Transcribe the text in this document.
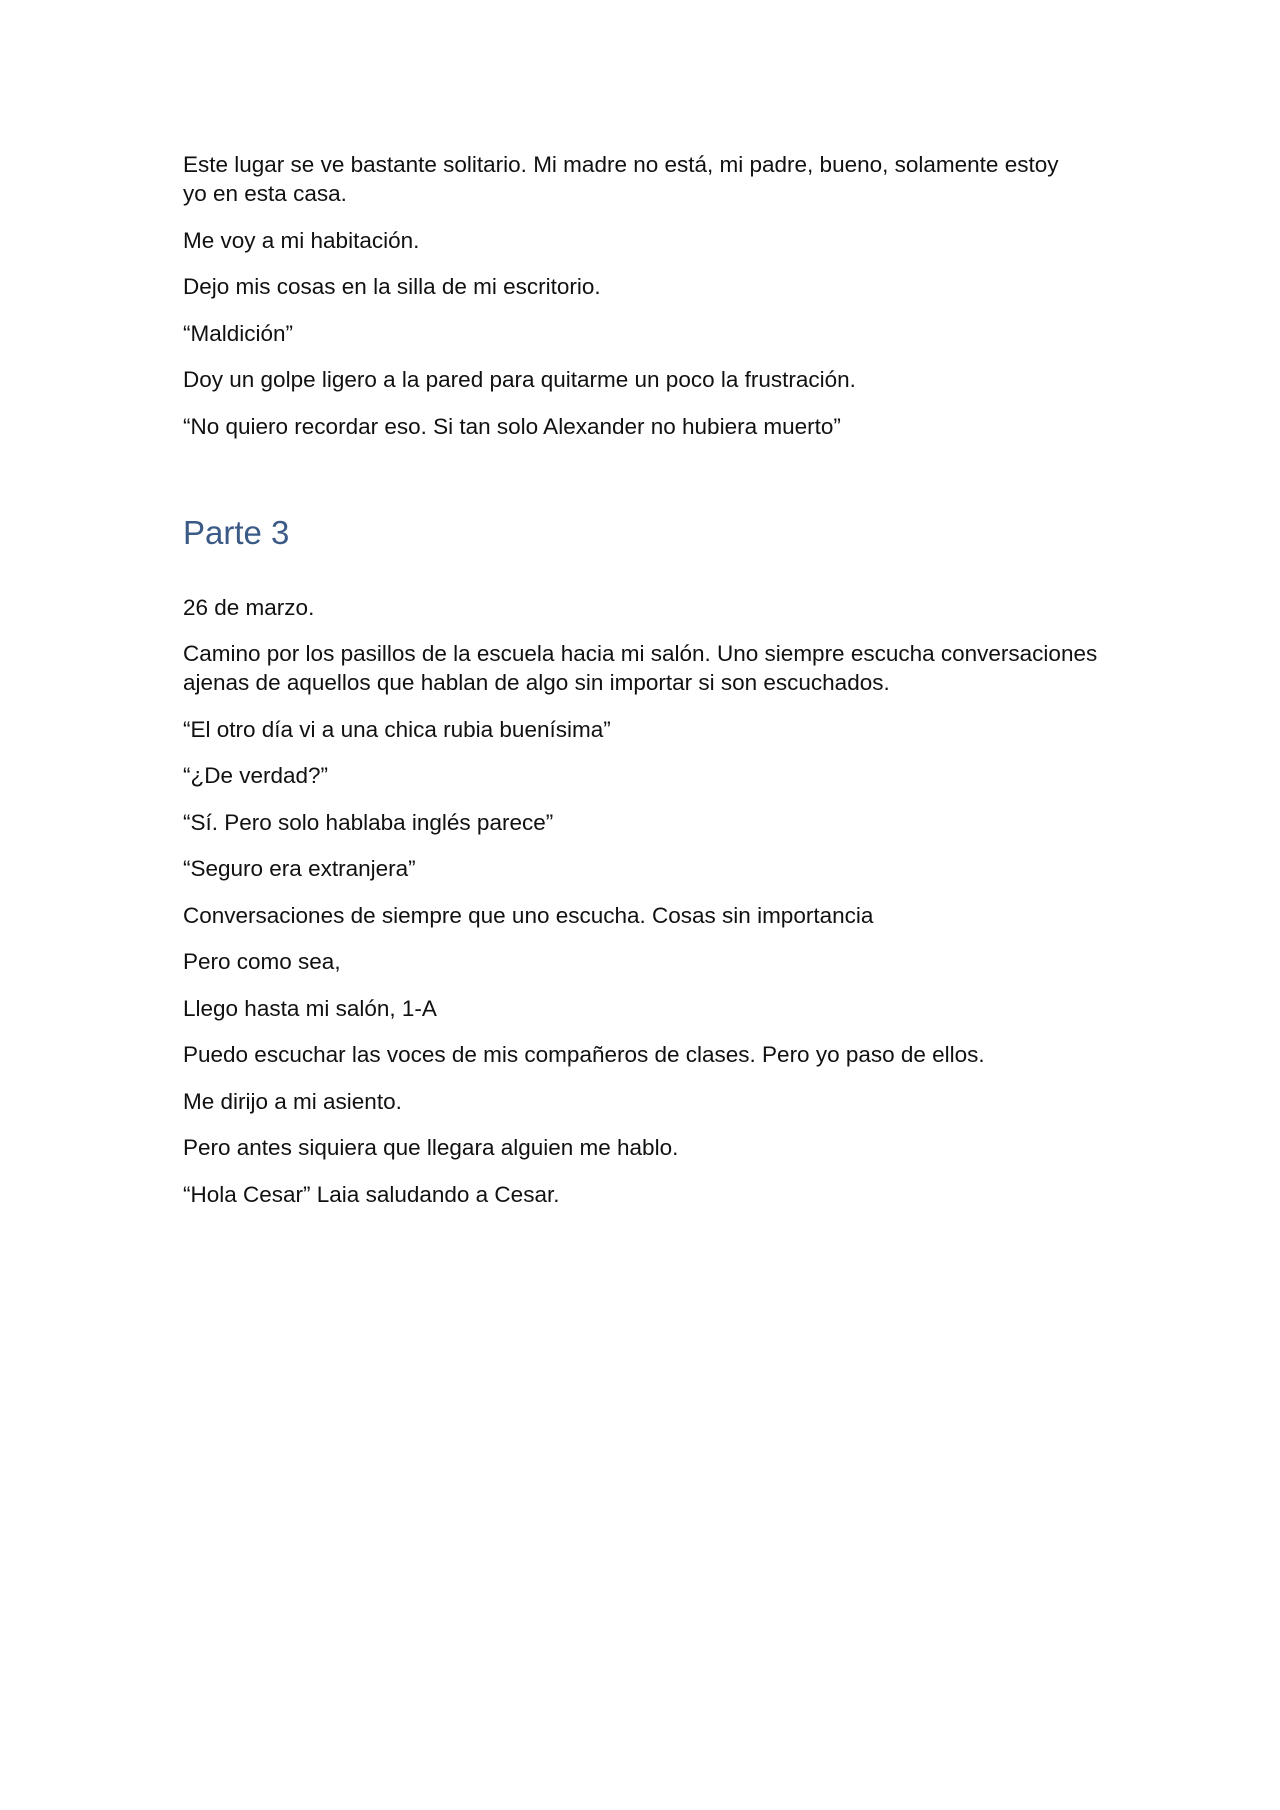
Este lugar se ve bastante solitario. Mi madre no está, mi padre, bueno, solamente estoy yo en esta casa.

Me voy a mi habitación.

Dejo mis cosas en la silla de mi escritorio.

“Maldición”

Doy un golpe ligero a la pared para quitarme un poco la frustración.

“No quiero recordar eso. Si tan solo Alexander no hubiera muerto”

Parte 3

26 de marzo.

Camino por los pasillos de la escuela hacia mi salón. Uno siempre escucha conversaciones ajenas de aquellos que hablan de algo sin importar si son escuchados.

“El otro día vi a una chica rubia buenísima”

“¿De verdad?”

“Sí. Pero solo hablaba inglés parece”

“Seguro era extranjera”

Conversaciones de siempre que uno escucha. Cosas sin importancia

Pero como sea,

Llego hasta mi salón, 1-A

Puedo escuchar las voces de mis compañeros de clases. Pero yo paso de ellos.

Me dirijo a mi asiento.

Pero antes siquiera que llegara alguien me hablo.

“Hola Cesar” Laia saludando a Cesar.
